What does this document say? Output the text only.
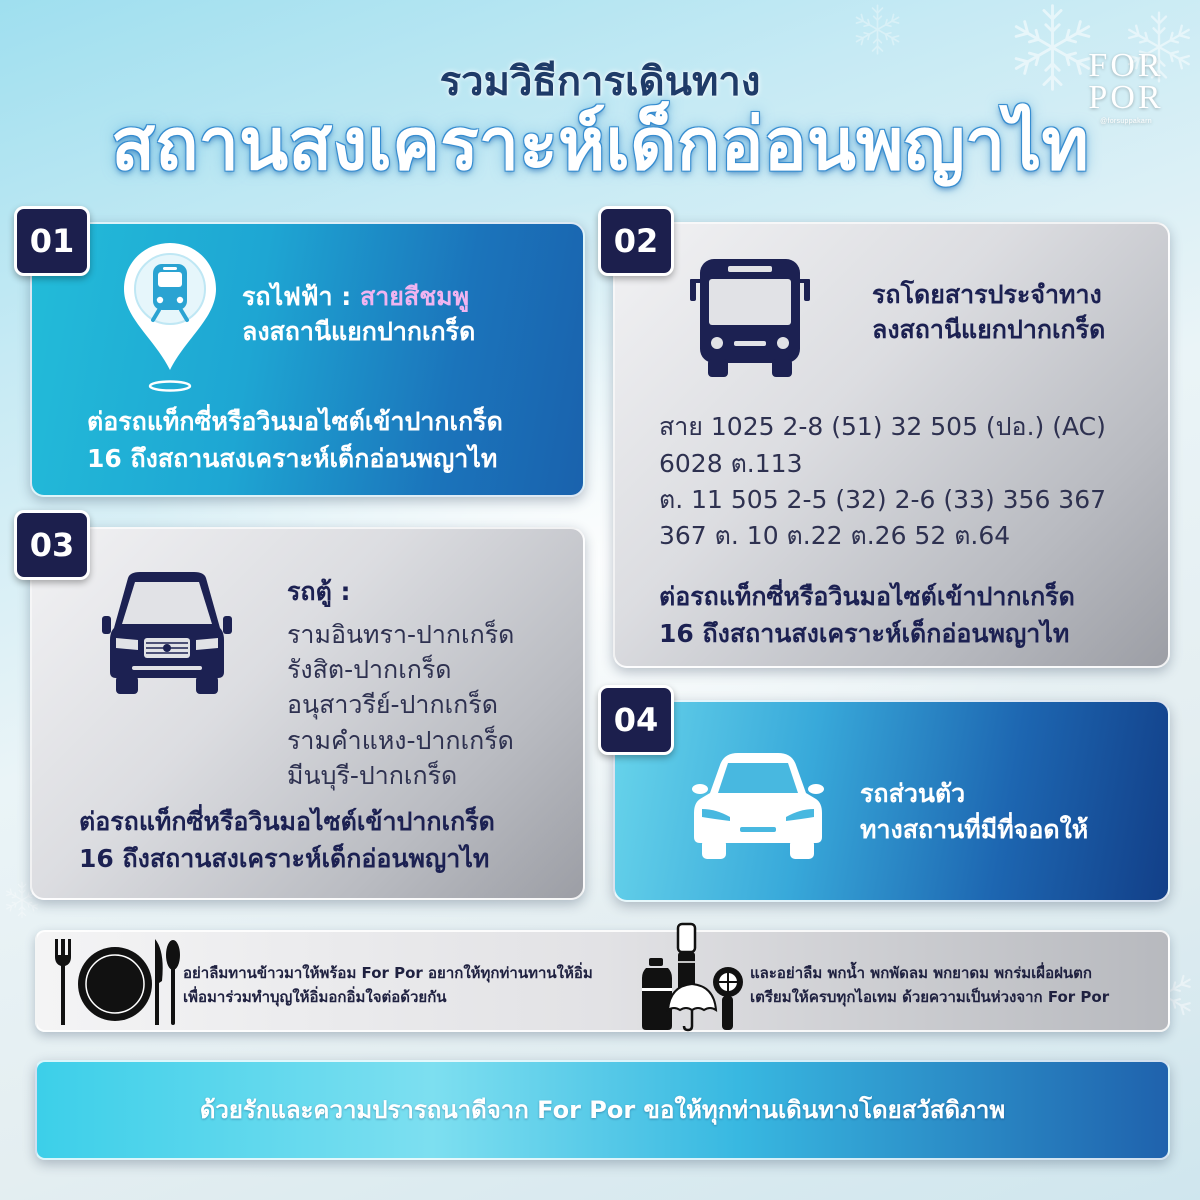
รวมวิธีการเดินทาง
สถานสงเคราะห์เด็กอ่อนพญาไท
FOR
POR
@forsuppakarn
รถไฟฟ้า : สายสีชมพู
ลงสถานีแยกปากเกร็ด
ต่อรถแท็กซี่หรือวินมอไซต์เข้าปากเกร็ด
16 ถึงสถานสงเคราะห์เด็กอ่อนพญาไท
01
รถโดยสารประจำทาง
ลงสถานีแยกปากเกร็ด
สาย 1025 2-8 (51) 32 505 (ปอ.) (AC)
6028 ต.113
ต. 11 505 2-5 (32) 2-6 (33) 356 367
367 ต. 10 ต.22 ต.26 52 ต.64
ต่อรถแท็กซี่หรือวินมอไซต์เข้าปากเกร็ด
16 ถึงสถานสงเคราะห์เด็กอ่อนพญาไท
02
รถตู้ :
รามอินทรา-ปากเกร็ด
รังสิต-ปากเกร็ด
อนุสาวรีย์-ปากเกร็ด
รามคำแหง-ปากเกร็ด
มีนบุรี-ปากเกร็ด
ต่อรถแท็กซี่หรือวินมอไซต์เข้าปากเกร็ด
16 ถึงสถานสงเคราะห์เด็กอ่อนพญาไท
03
รถส่วนตัว
ทางสถานที่มีที่จอดให้
04
อย่าลืมทานข้าวมาให้พร้อม For Por อยากให้ทุกท่านทานให้อิ่ม
เพื่อมาร่วมทำบุญให้อิ่มอกอิ่มใจต่อด้วยกัน
และอย่าลืม พกน้ำ พกพัดลม พกยาดม พกร่มเผื่อฝนตก
เตรียมให้ครบทุกไอเทม ด้วยความเป็นห่วงจาก For Por
ด้วยรักและความปรารถนาดีจาก For Por ขอให้ทุกท่านเดินทางโดยสวัสดิภาพ
